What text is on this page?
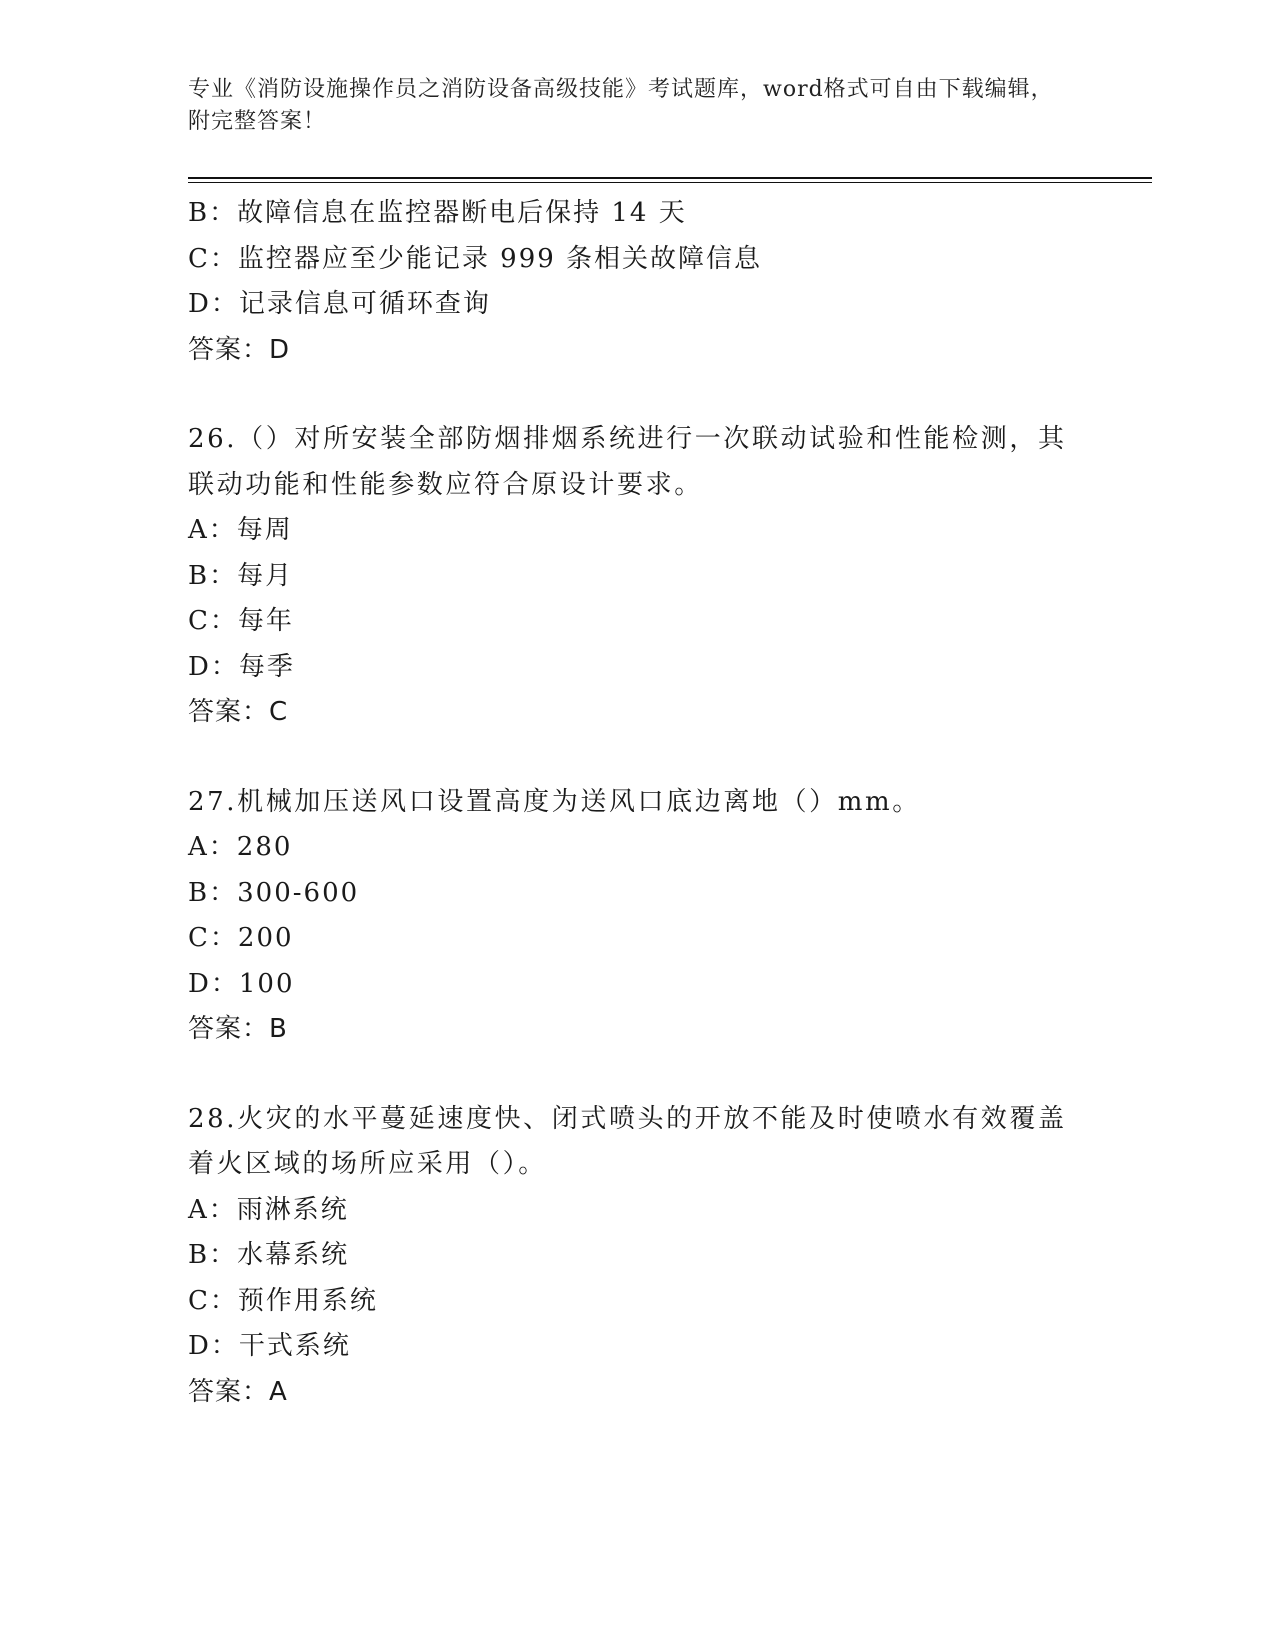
专业《消防设施操作员之消防设备高级技能》考试题库，word格式可自由下载编辑，附完整答案！
B：故障信息在监控器断电后保持 14 天
C：监控器应至少能记录 999 条相关故障信息
D：记录信息可循环查询
答案：D
26.（）对所安装全部防烟排烟系统进行一次联动试验和性能检测，其联动功能和性能参数应符合原设计要求。
A：每周
B：每月
C：每年
D：每季
答案：C
27.机械加压送风口设置高度为送风口底边离地（）mm。
A：280
B：300-600
C：200
D：100
答案：B
28.火灾的水平蔓延速度快、闭式喷头的开放不能及时使喷水有效覆盖着火区域的场所应采用（）。
A：雨淋系统
B：水幕系统
C：预作用系统
D：干式系统
答案：A
